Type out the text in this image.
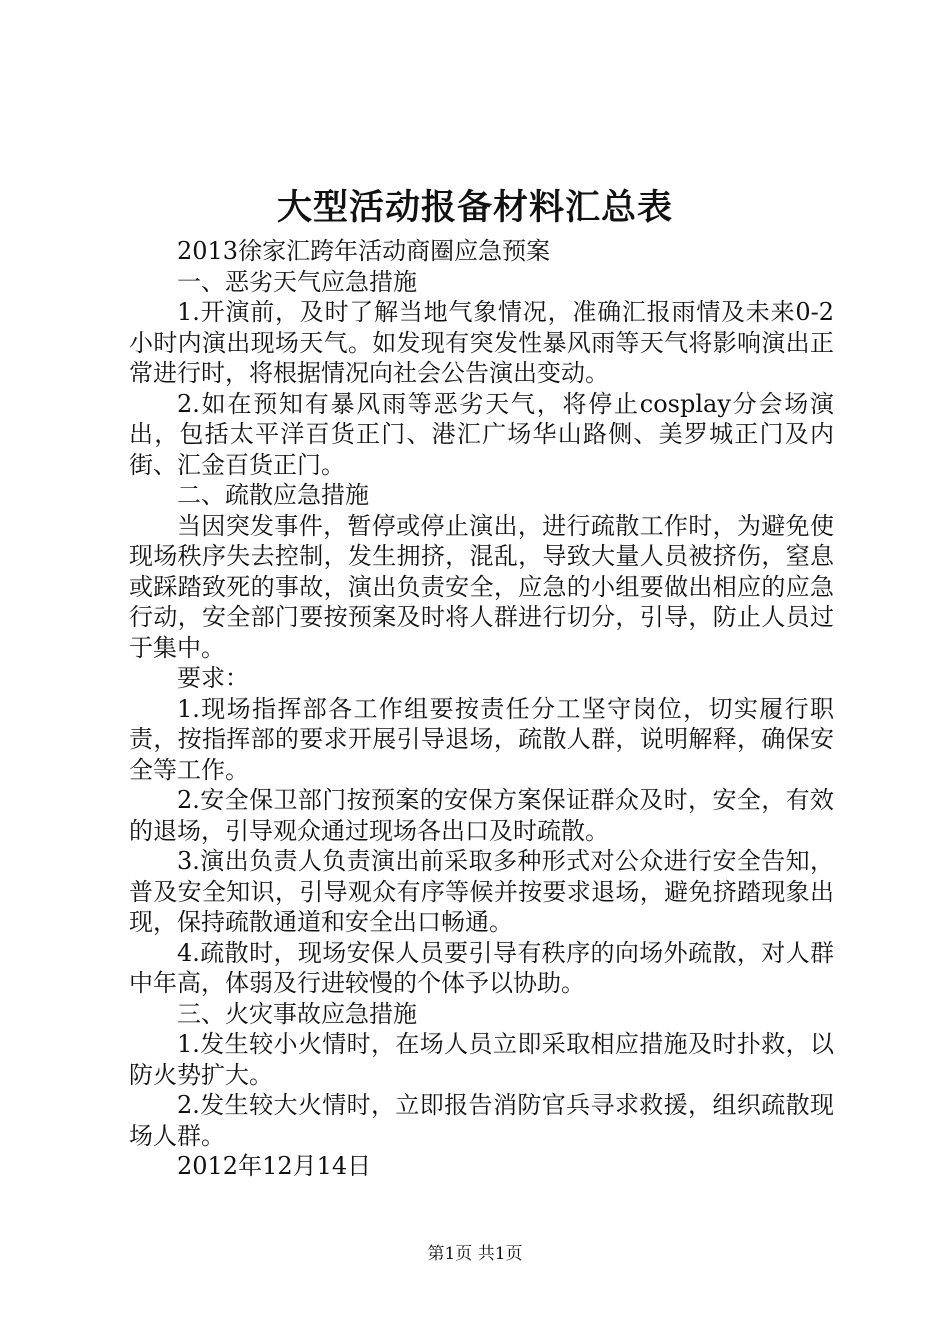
大型活动报备材料汇总表

2013徐家汇跨年活动商圈应急预案

一、恶劣天气应急措施

1.开演前，及时了解当地气象情况，准确汇报雨情及未来0-2小时内演出现场天气。如发现有突发性暴风雨等天气将影响演出正常进行时，将根据情况向社会公告演出变动。

2.如在预知有暴风雨等恶劣天气，将停止cosplay分会场演出，包括太平洋百货正门、港汇广场华山路侧、美罗城正门及内街、汇金百货正门。

二、疏散应急措施

当因突发事件，暂停或停止演出，进行疏散工作时，为避免使现场秩序失去控制，发生拥挤，混乱，导致大量人员被挤伤，窒息或踩踏致死的事故，演出负责安全，应急的小组要做出相应的应急行动，安全部门要按预案及时将人群进行切分，引导，防止人员过于集中。

要求：

1.现场指挥部各工作组要按责任分工坚守岗位，切实履行职责，按指挥部的要求开展引导退场，疏散人群，说明解释，确保安全等工作。

2.安全保卫部门按预案的安保方案保证群众及时，安全，有效的退场，引导观众通过现场各出口及时疏散。

3.演出负责人负责演出前采取多种形式对公众进行安全告知，普及安全知识，引导观众有序等候并按要求退场，避免挤踏现象出现，保持疏散通道和安全出口畅通。

4.疏散时，现场安保人员要引导有秩序的向场外疏散，对人群中年高，体弱及行进较慢的个体予以协助。

三、火灾事故应急措施

1.发生较小火情时，在场人员立即采取相应措施及时扑救，以防火势扩大。

2.发生较大火情时，立即报告消防官兵寻求救援，组织疏散现场人群。

2012年12月14日

第1页 共1页
